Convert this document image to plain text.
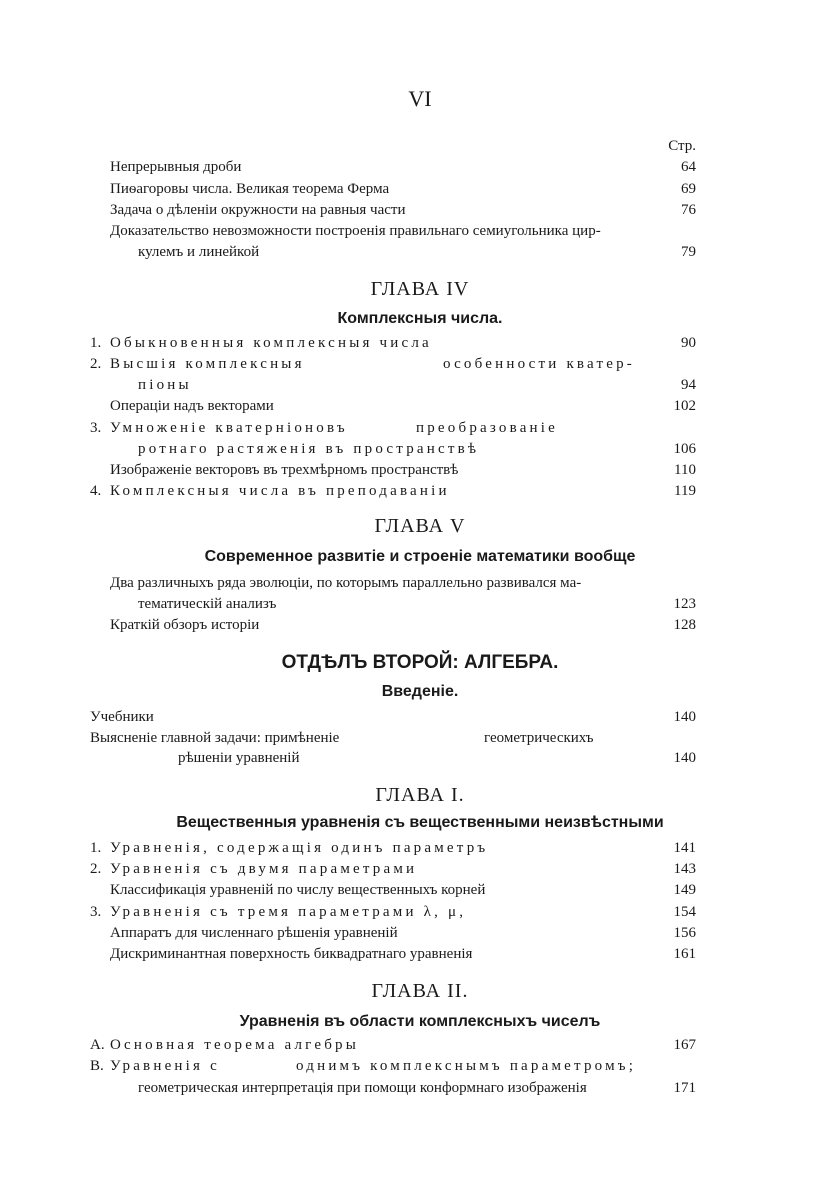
VI
Стр.
Непрерывныя дроби	64
Пиѳагоровы числа. Великая теорема Ферма	69
Задача о дѣленіи окружности на равныя части	76
Доказательство невозможности построенія правильнаго семиугольника цир-
кулемъ и линейкой	79
ГЛАВА IV
Комплексныя числа.
1. Обыкновенныя комплексныя числа	90
2. Высшія комплексныя	особенности кватер-
піоны	94
Операціи надъ векторами	102
3. Умноженіе кватерніоновъ	преобразованіе
ротнаго растяженія въ пространствѣ	106
Изображеніе векторовъ въ трехмѣрномъ пространствѣ	110
4. Комплексныя числа въ преподаваніи	119
ГЛАВА V
Современное развитіе и строеніе математики вообще
Два различныхъ ряда эволюціи, по которымъ параллельно развивался ма-
тематическій анализъ	123
Краткій обзоръ исторіи	128
ОТДѢЛЪ ВТОРОЙ: АЛГЕБРА.
Введеніе.
Учебники	140
Выясненіе главной задачи: примѣненіе	геометрическихъ
рѣшеніи уравненій	140
ГЛАВА I.
Вещественныя уравненія съ вещественными неизвѣстными
1. Уравненія, содержащія одинъ параметръ	141
2. Уравненія съ двумя параметрами	143
Классификація уравненій по числу вещественныхъ корней	149
3. Уравненія съ тремя параметрами λ, μ,	154
Аппаратъ для численнаго рѣшенія уравненій	156
Дискриминантная поверхность биквадратнаго уравненія	161
ГЛАВА II.
Уравненія въ области комплексныхъ чиселъ
A. Основная теорема алгебры	167
B. Уравненія с	однимъ комплекснымъ параметромъ;
геометрическая интерпретація при помощи конформнаго изображенія	171
